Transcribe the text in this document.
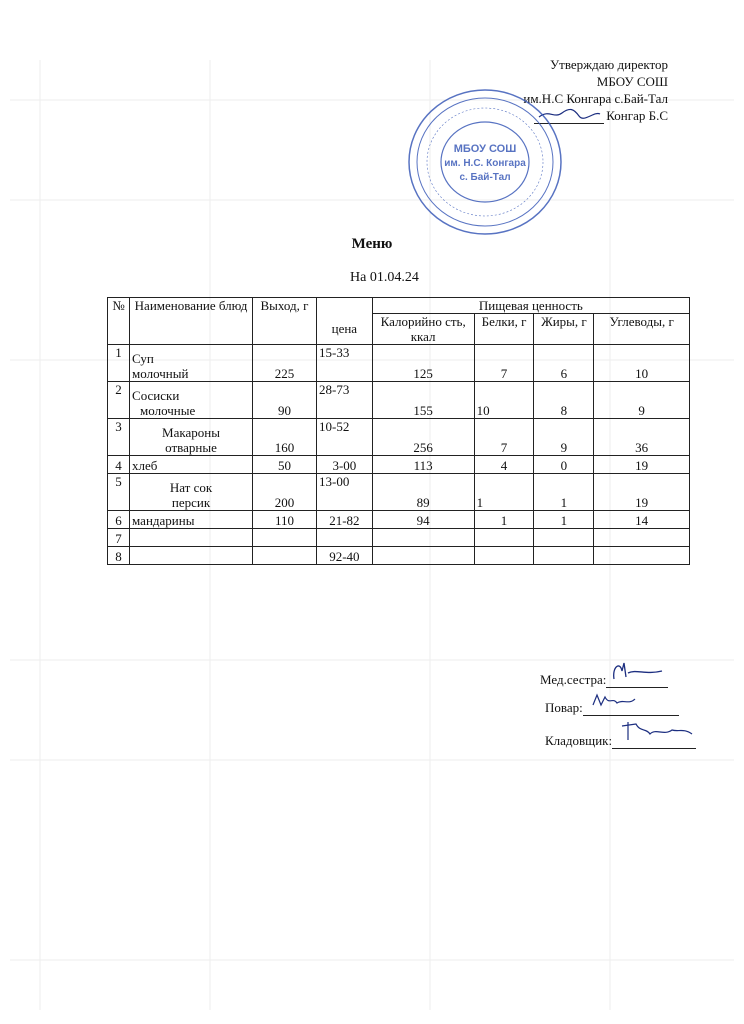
Утверждаю директор
МБОУ СОШ
им.Н.С Конгара с.Бай-Тал
Конгар Б.С
МБОУ СОШ
им. Н.С. Конгара
с. Бай-Тал
Меню
На 01.04.24
№	Наименование блюд	Выход, г		Пищевая ценность			
			цена	Калорийно сть, ккал	Белки, г	Жиры, г	Углеводы, г
1	Суп
молочный	225	15-33	125	7	6	10
2	Сосиски
молочные	90	28-73	155	10	8	9
3	Макароны
отварные	160	10-52	256	7	9	36
4	хлеб	50	3-00	113	4	0	19
5	Нат сок
персик	200	13-00	89	1	1	19
6	мандарины	110	21-82	94	1	1	14
7							
8			92-40				
Мед.сестра:
Повар:
Кладовщик:
